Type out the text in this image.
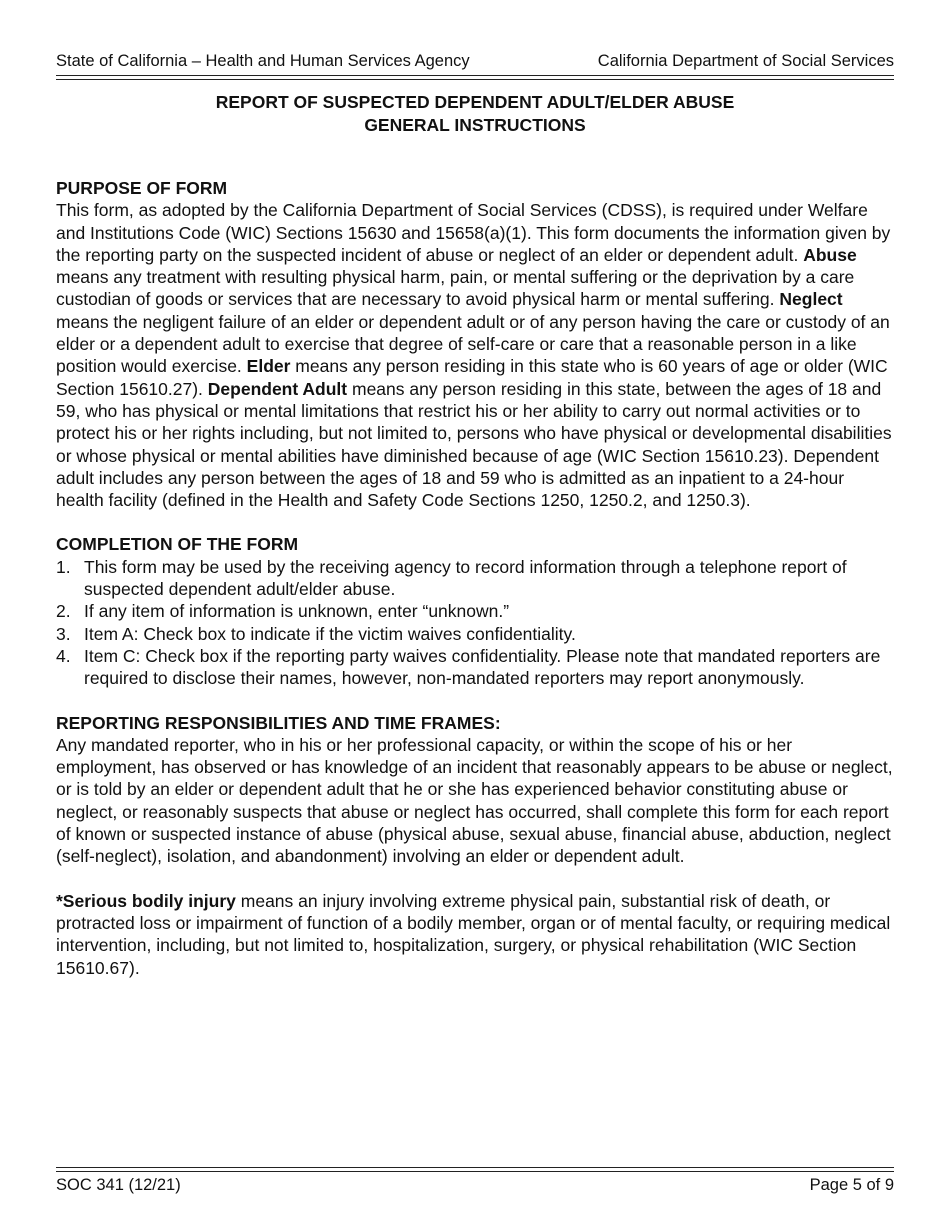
State of California – Health and Human Services Agency	California Department of Social Services
REPORT OF SUSPECTED DEPENDENT ADULT/ELDER ABUSE
GENERAL INSTRUCTIONS

PURPOSE OF FORM

This form, as adopted by the California Department of Social Services (CDSS), is required under Welfare and Institutions Code (WIC) Sections 15630 and 15658(a)(1). This form documents the information given by the reporting party on the suspected incident of abuse or neglect of an elder or dependent adult. Abuse means any treatment with resulting physical harm, pain, or mental suffering or the deprivation by a care custodian of goods or services that are necessary to avoid physical harm or mental suffering. Neglect means the negligent failure of an elder or dependent adult or of any person having the care or custody of an elder or a dependent adult to exercise that degree of self-care or care that a reasonable person in a like position would exercise. Elder means any person residing in this state who is 60 years of age or older (WIC Section 15610.27). Dependent Adult means any person residing in this state, between the ages of 18 and 59, who has physical or mental limitations that restrict his or her ability to carry out normal activities or to protect his or her rights including, but not limited to, persons who have physical or developmental disabilities or whose physical or mental abilities have diminished because of age (WIC Section 15610.23). Dependent adult includes any person between the ages of 18 and 59 who is admitted as an inpatient to a 24-hour health facility (defined in the Health and Safety Code Sections 1250, 1250.2, and 1250.3).

COMPLETION OF THE FORM

1. This form may be used by the receiving agency to record information through a telephone report of suspected dependent adult/elder abuse.
2. If any item of information is unknown, enter “unknown.”
3. Item A: Check box to indicate if the victim waives confidentiality.
4. Item C: Check box if the reporting party waives confidentiality. Please note that mandated reporters are required to disclose their names, however, non-mandated reporters may report anonymously.

REPORTING RESPONSIBILITIES AND TIME FRAMES:

Any mandated reporter, who in his or her professional capacity, or within the scope of his or her employment, has observed or has knowledge of an incident that reasonably appears to be abuse or neglect, or is told by an elder or dependent adult that he or she has experienced behavior constituting abuse or neglect, or reasonably suspects that abuse or neglect has occurred, shall complete this form for each report of known or suspected instance of abuse (physical abuse, sexual abuse, financial abuse, abduction, neglect (self-neglect), isolation, and abandonment) involving an elder or dependent adult.

*Serious bodily injury means an injury involving extreme physical pain, substantial risk of death, or protracted loss or impairment of function of a bodily member, organ or of mental faculty, or requiring medical intervention, including, but not limited to, hospitalization, surgery, or physical rehabilitation (WIC Section 15610.67).

SOC 341 (12/21)	Page 5 of 9
